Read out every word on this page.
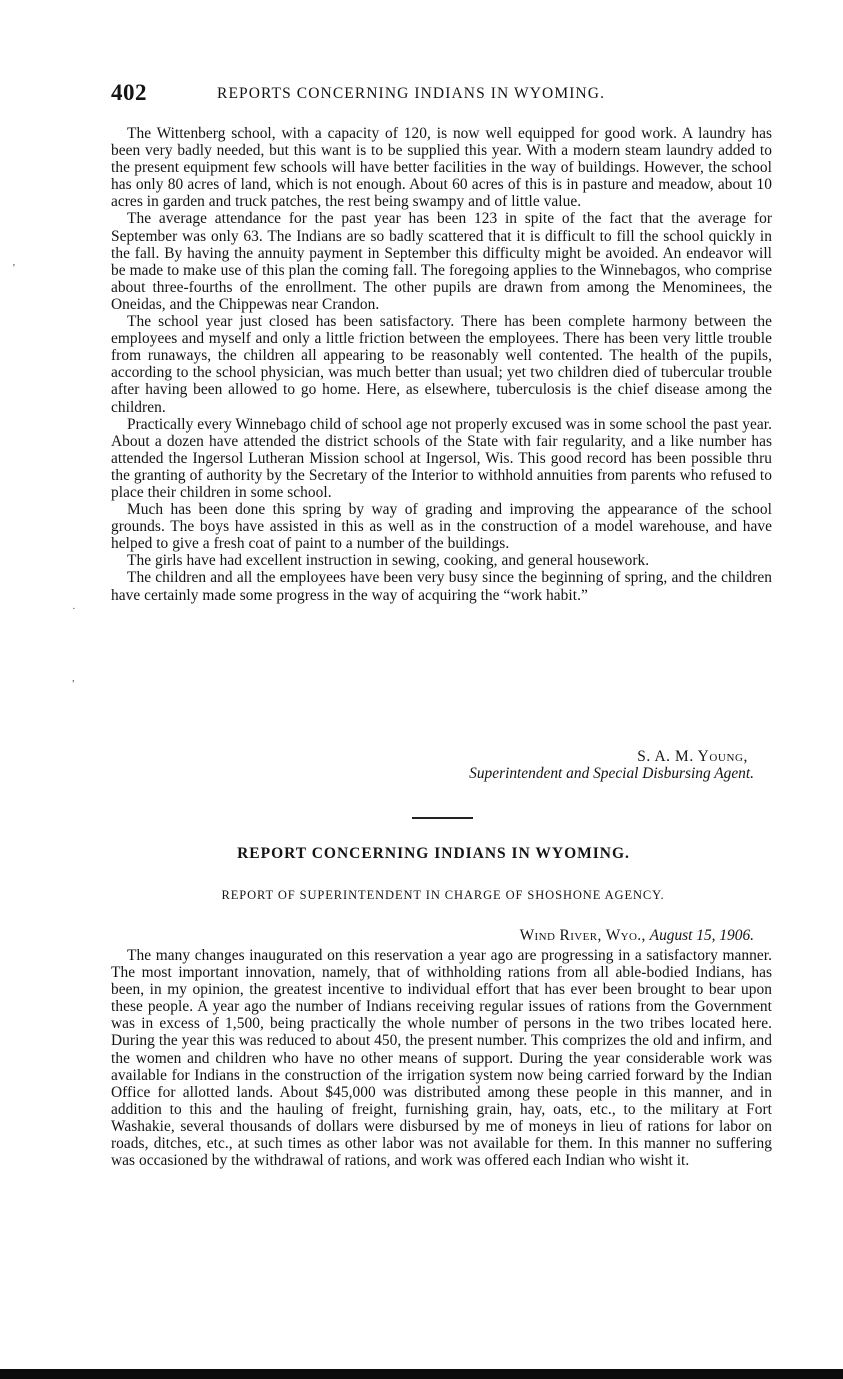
402	REPORTS CONCERNING INDIANS IN WYOMING.
’
·
,

The Wittenberg school, with a capacity of 120, is now well equipped for good work. A laundry has been very badly needed, but this want is to be supplied this year. With a modern steam laundry added to the present equipment few schools will have better facilities in the way of buildings. However, the school has only 80 acres of land, which is not enough. About 60 acres of this is in pasture and meadow, about 10 acres in garden and truck patches, the rest being swampy and of little value.

The average attendance for the past year has been 123 in spite of the fact that the average for September was only 63. The Indians are so badly scattered that it is difficult to fill the school quickly in the fall. By having the annuity payment in September this difficulty might be avoided. An endeavor will be made to make use of this plan the coming fall. The foregoing applies to the Winnebagos, who comprise about three-fourths of the enrollment. The other pupils are drawn from among the Menominees, the Oneidas, and the Chippewas near Crandon.

The school year just closed has been satisfactory. There has been complete harmony between the employees and myself and only a little friction between the employees. There has been very little trouble from runaways, the children all appearing to be reasonably well contented. The health of the pupils, according to the school physician, was much better than usual; yet two children died of tubercular trouble after having been allowed to go home. Here, as elsewhere, tuberculosis is the chief disease among the children.

Practically every Winnebago child of school age not properly excused was in some school the past year. About a dozen have attended the district schools of the State with fair regularity, and a like number has attended the Ingersol Lutheran Mission school at Ingersol, Wis. This good record has been possible thru the granting of authority by the Secretary of the Interior to withhold annuities from parents who refused to place their children in some school.

Much has been done this spring by way of grading and improving the appearance of the school grounds. The boys have assisted in this as well as in the construction of a model warehouse, and have helped to give a fresh coat of paint to a number of the buildings.

The girls have had excellent instruction in sewing, cooking, and general housework.

The children and all the employees have been very busy since the beginning of spring, and the children have certainly made some progress in the way of acquiring the “work habit.”

S. A. M. Young,
Superintendent and Special Disbursing Agent.
REPORT CONCERNING INDIANS IN WYOMING.
REPORT OF SUPERINTENDENT IN CHARGE OF SHOSHONE AGENCY.
Wind River, Wyo., August 15, 1906.

The many changes inaugurated on this reservation a year ago are progressing in a satisfactory manner. The most important innovation, namely, that of withholding rations from all able-bodied Indians, has been, in my opinion, the greatest incentive to individual effort that has ever been brought to bear upon these people. A year ago the number of Indians receiving regular issues of rations from the Government was in excess of 1,500, being practically the whole number of persons in the two tribes located here. During the year this was reduced to about 450, the present number. This comprizes the old and infirm, and the women and children who have no other means of support. During the year considerable work was available for Indians in the construction of the irrigation system now being carried forward by the Indian Office for allotted lands. About $45,000 was distributed among these people in this manner, and in addition to this and the hauling of freight, furnishing grain, hay, oats, etc., to the military at Fort Washakie, several thousands of dollars were disbursed by me of moneys in lieu of rations for labor on roads, ditches, etc., at such times as other labor was not available for them. In this manner no suffering was occasioned by the withdrawal of rations, and work was offered each Indian who wisht it.
